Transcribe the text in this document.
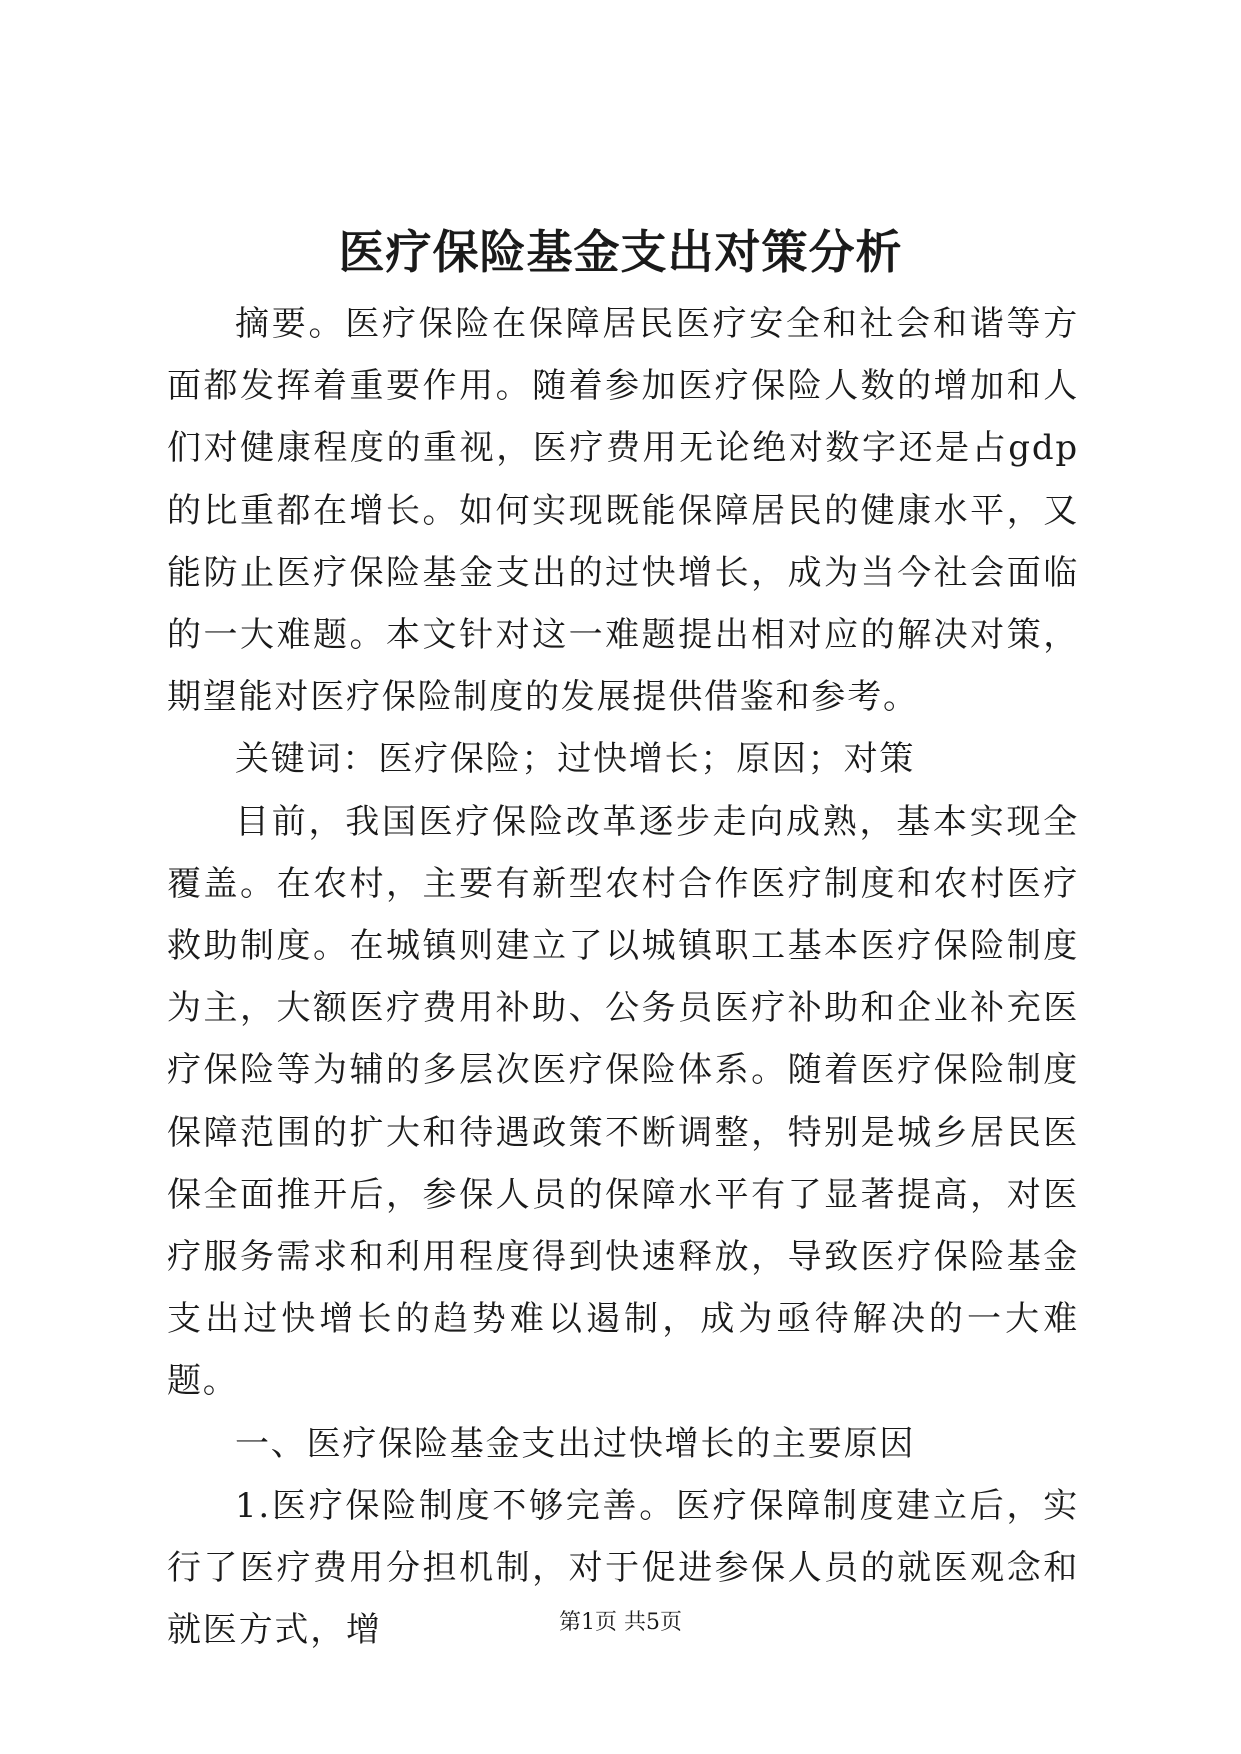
医疗保险基金支出对策分析

摘要。医疗保险在保障居民医疗安全和社会和谐等方面都发挥着重要作用。随着参加医疗保险人数的增加和人们对健康程度的重视，医疗费用无论绝对数字还是占gdp的比重都在增长。如何实现既能保障居民的健康水平，又能防止医疗保险基金支出的过快增长，成为当今社会面临的一大难题。本文针对这一难题提出相对应的解决对策，期望能对医疗保险制度的发展提供借鉴和参考。

关键词：医疗保险；过快增长；原因；对策

目前，我国医疗保险改革逐步走向成熟，基本实现全覆盖。在农村，主要有新型农村合作医疗制度和农村医疗救助制度。在城镇则建立了以城镇职工基本医疗保险制度为主，大额医疗费用补助、公务员医疗补助和企业补充医疗保险等为辅的多层次医疗保险体系。随着医疗保险制度保障范围的扩大和待遇政策不断调整，特别是城乡居民医保全面推开后，参保人员的保障水平有了显著提高，对医疗服务需求和利用程度得到快速释放，导致医疗保险基金支出过快增长的趋势难以遏制，成为亟待解决的一大难题。

一、医疗保险基金支出过快增长的主要原因

1.医疗保险制度不够完善。医疗保障制度建立后，实行了医疗费用分担机制，对于促进参保人员的就医观念和就医方式，增	第1页 共5页
